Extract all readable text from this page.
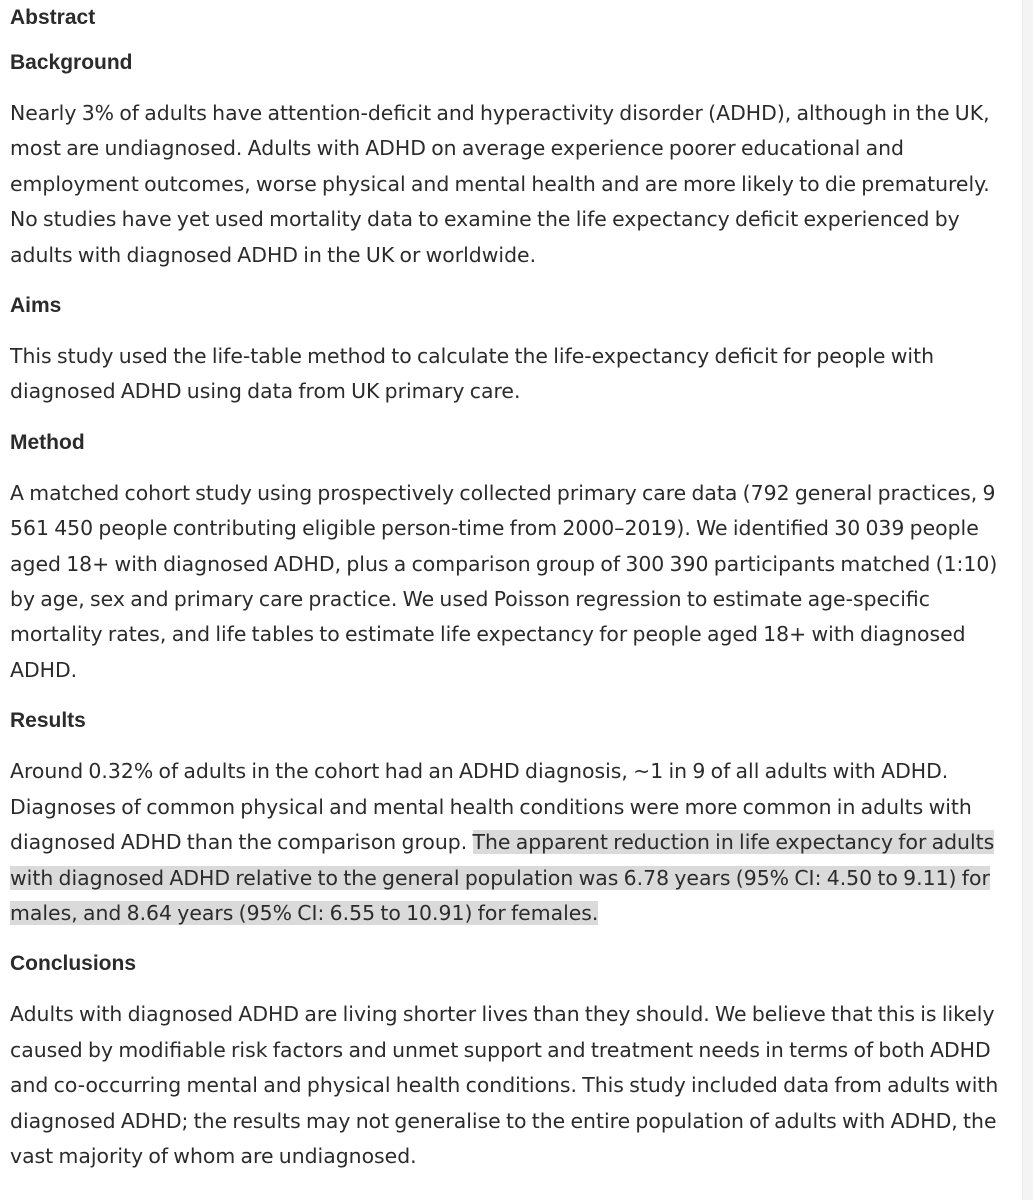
Abstract
Background

Nearly 3% of adults have attention-deficit and hyperactivity disorder (ADHD), although in the UK, most are undiagnosed. Adults with ADHD on average experience poorer educational and employment outcomes, worse physical and mental health and are more likely to die prematurely. No studies have yet used mortality data to examine the life expectancy deficit experienced by adults with diagnosed ADHD in the UK or worldwide.

Aims

This study used the life-table method to calculate the life-expectancy deficit for people with diagnosed ADHD using data from UK primary care.

Method

A matched cohort study using prospectively collected primary care data (792 general practices, 9 561 450 people contributing eligible person-time from 2000–2019). We identified 30 039 people aged 18+ with diagnosed ADHD, plus a comparison group of 300 390 participants matched (1:10) by age, sex and primary care practice. We used Poisson regression to estimate age-specific mortality rates, and life tables to estimate life expectancy for people aged 18+ with diagnosed ADHD.

Results

Around 0.32% of adults in the cohort had an ADHD diagnosis, ~1 in 9 of all adults with ADHD. Diagnoses of common physical and mental health conditions were more common in adults with diagnosed ADHD than the comparison group. The apparent reduction in life expectancy for adults with diagnosed ADHD relative to the general population was 6.78 years (95% CI: 4.50 to 9.11) for males, and 8.64 years (95% CI: 6.55 to 10.91) for females.

Conclusions

Adults with diagnosed ADHD are living shorter lives than they should. We believe that this is likely caused by modifiable risk factors and unmet support and treatment needs in terms of both ADHD and co-occurring mental and physical health conditions. This study included data from adults with diagnosed ADHD; the results may not generalise to the entire population of adults with ADHD, the vast majority of whom are undiagnosed.
